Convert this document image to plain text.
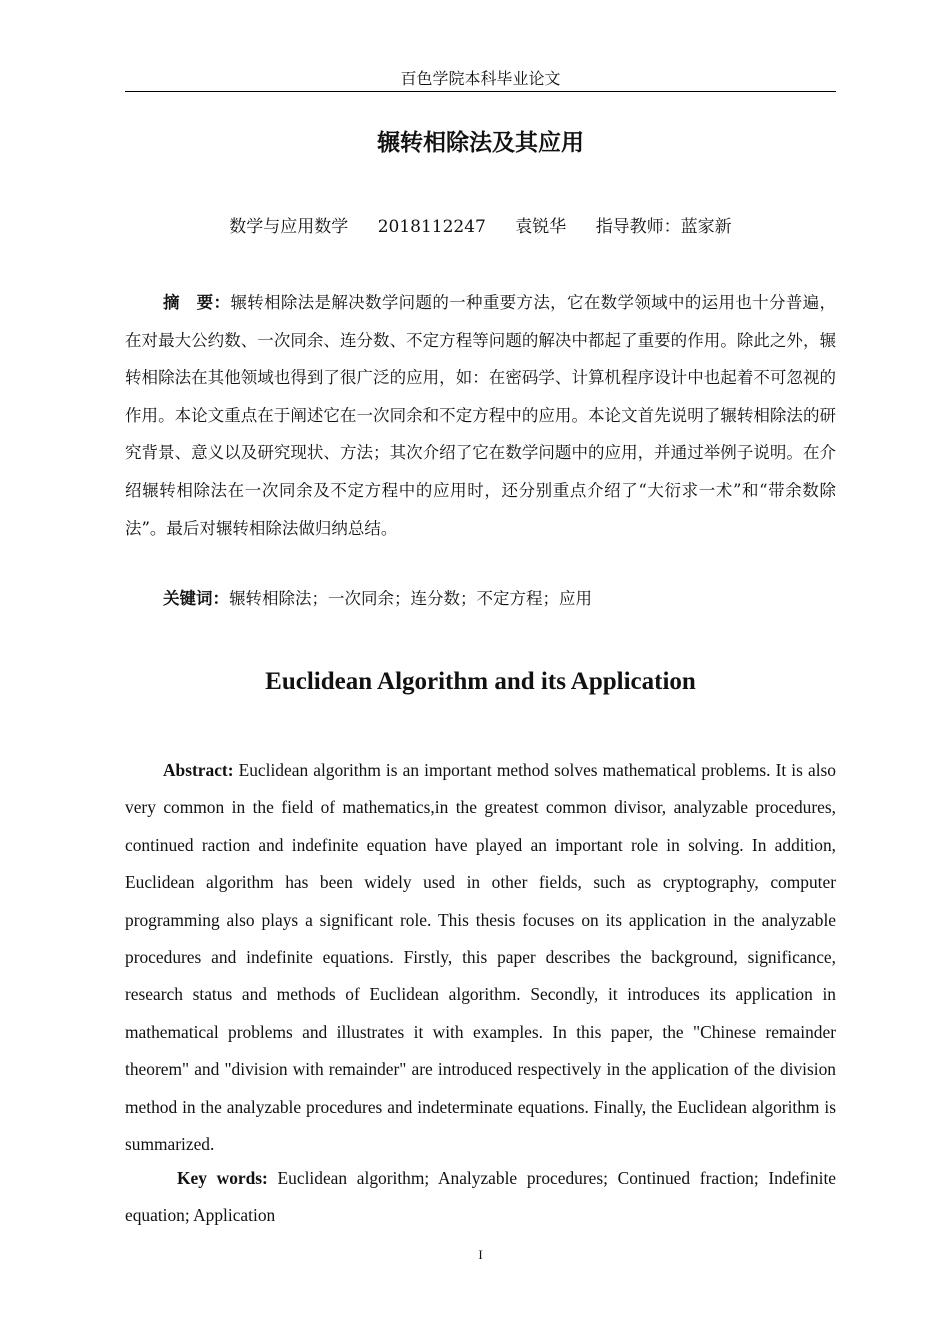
百色学院本科毕业论文
辗转相除法及其应用
数学与应用数学 2018112247 袁锐华 指导教师：蓝家新

摘　要：辗转相除法是解决数学问题的一种重要方法，它在数学领域中的运用也十分普遍，在对最大公约数、一次同余、连分数、不定方程等问题的解决中都起了重要的作用。除此之外，辗转相除法在其他领域也得到了很广泛的应用，如：在密码学、计算机程序设计中也起着不可忽视的作用。本论文重点在于阐述它在一次同余和不定方程中的应用。本论文首先说明了辗转相除法的研究背景、意义以及研究现状、方法；其次介绍了它在数学问题中的应用，并通过举例子说明。在介绍辗转相除法在一次同余及不定方程中的应用时，还分别重点介绍了“大衍求一术”和“带余数除法”。最后对辗转相除法做归纳总结。

关键词：辗转相除法；一次同余；连分数；不定方程；应用

Euclidean Algorithm and its Application

Abstract: Euclidean algorithm is an important method solves mathematical problems. It is also very common in the field of mathematics,in the greatest common divisor, analyzable procedures, continued raction and indefinite equation have played an important role in solving. In addition, Euclidean algorithm has been widely used in other fields, such as cryptography, computer programming also plays a significant role. This thesis focuses on its application in the analyzable procedures and indefinite equations. Firstly, this paper describes the background, significance, research status and methods of Euclidean algorithm. Secondly, it introduces its application in mathematical problems and illustrates it with examples. In this paper, the "Chinese remainder theorem" and "division with remainder" are introduced respectively in the application of the division method in the analyzable procedures and indeterminate equations. Finally, the Euclidean algorithm is summarized.

Key words: Euclidean algorithm; Analyzable procedures; Continued fraction; Indefinite equation; Application

I
